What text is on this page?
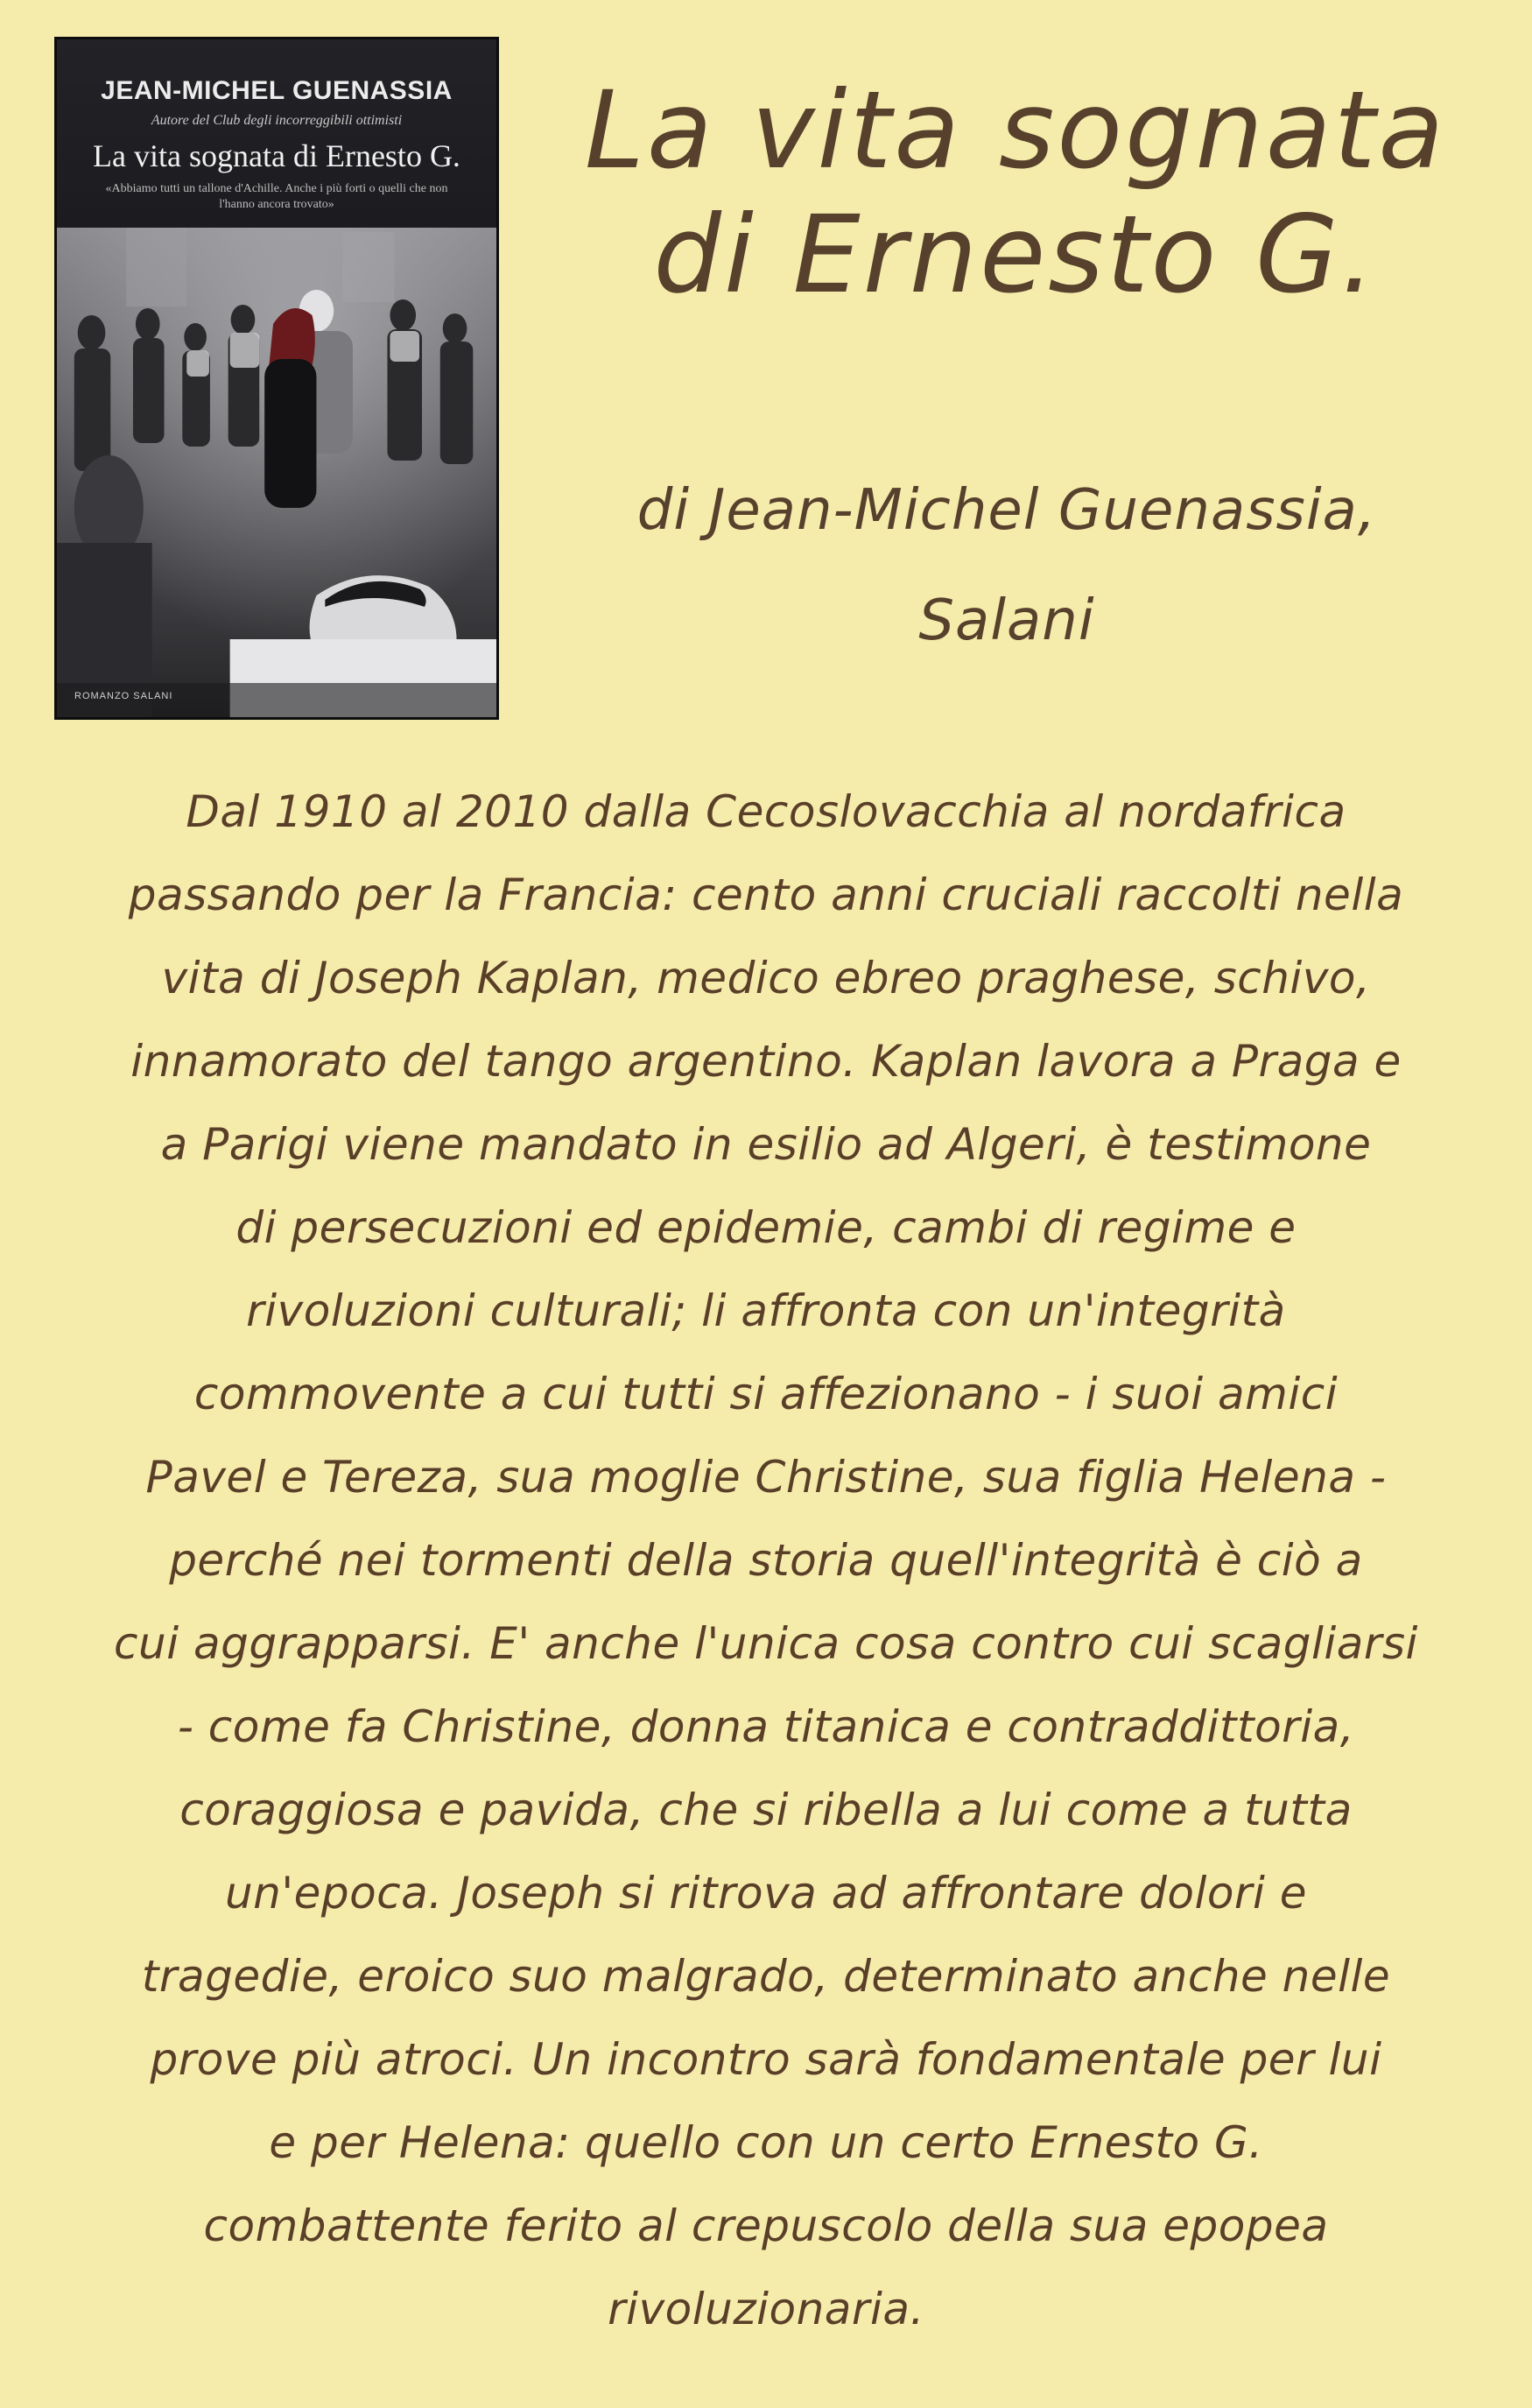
JEAN-MICHEL GUENASSIA
Autore del Club degli incorreggibili ottimisti
La vita sognata di Ernesto G.
«Abbiamo tutti un tallone d'Achille. Anche i più forti o quelli che non l'hanno ancora trovato»
ROMANZO SALANI
La vita sognata
di Ernesto G.
di Jean-Michel Guenassia,
Salani
Dal 1910 al 2010 dalla Cecoslovacchia al nordafrica
passando per la Francia: cento anni cruciali raccolti nella
vita di Joseph Kaplan, medico ebreo praghese, schivo,
innamorato del tango argentino. Kaplan lavora a Praga e
a Parigi viene mandato in esilio ad Algeri, è testimone
di persecuzioni ed epidemie, cambi di regime e
rivoluzioni culturali; li affronta con un'integrità
commovente a cui tutti si affezionano - i suoi amici
Pavel e Tereza, sua moglie Christine, sua figlia Helena -
perché nei tormenti della storia quell'integrità è ciò a
cui aggrapparsi. E' anche l'unica cosa contro cui scagliarsi
- come fa Christine, donna titanica e contraddittoria,
coraggiosa e pavida, che si ribella a lui come a tutta
un'epoca. Joseph si ritrova ad affrontare dolori e
tragedie, eroico suo malgrado, determinato anche nelle
prove più atroci. Un incontro sarà fondamentale per lui
e per Helena: quello con un certo Ernesto G.
combattente ferito al crepuscolo della sua epopea
rivoluzionaria.
